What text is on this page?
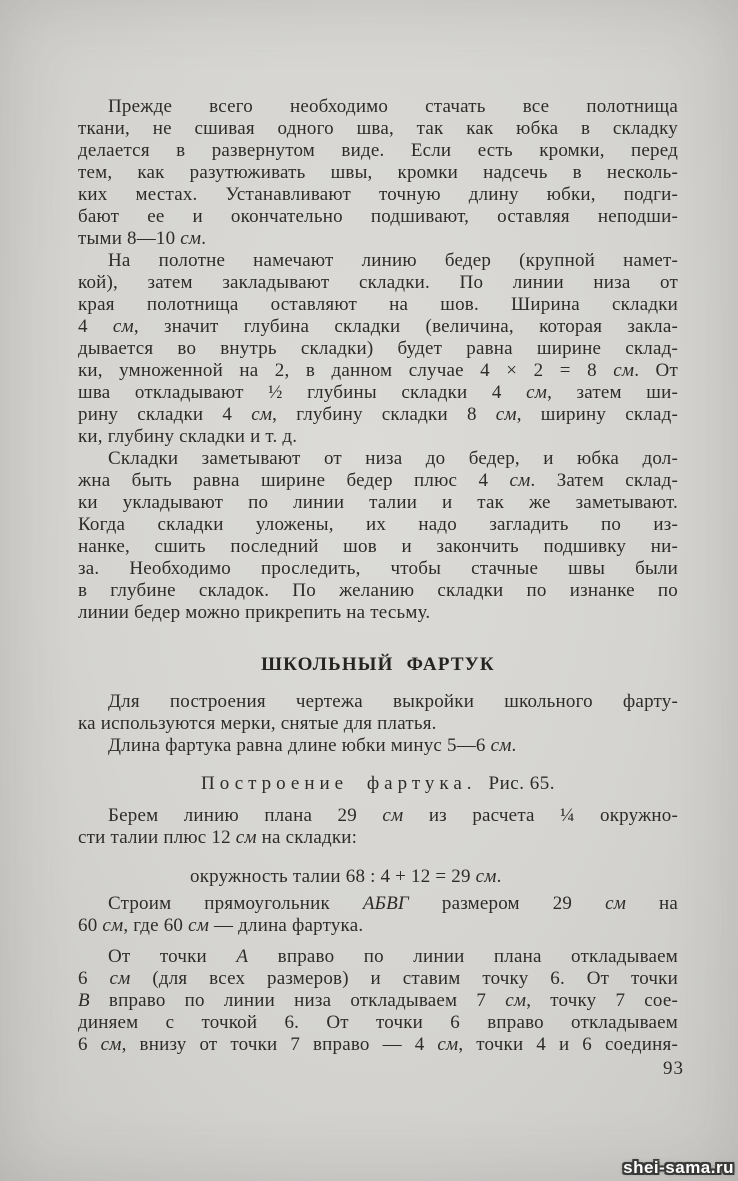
Прежде всего необходимо стачать все полотнища
ткани, не сшивая одного шва, так как юбка в складку
делается в развернутом виде. Если есть кромки, перед
тем, как разутюживать швы, кромки надсечь в несколь-
ких местах. Устанавливают точную длину юбки, подги-
бают ее и окончательно подшивают, оставляя неподши-
тыми 8—10 см.
На полотне намечают линию бедер (крупной намет-
кой), затем закладывают складки. По линии низа от
края полотнища оставляют на шов. Ширина складки
4 см, значит глубина складки (величина, которая закла-
дывается во внутрь складки) будет равна ширине склад-
ки, умноженной на 2, в данном случае 4 × 2 = 8 см. От
шва откладывают ½ глубины складки 4 см, затем ши-
рину складки 4 см, глубину складки 8 см, ширину склад-
ки, глубину складки и т. д.
Складки заметывают от низа до бедер, и юбка дол-
жна быть равна ширине бедер плюс 4 см. Затем склад-
ки укладывают по линии талии и так же заметывают.
Когда складки уложены, их надо загладить по из-
нанке, сшить последний шов и закончить подшивку ни-
за. Необходимо проследить, чтобы стачные швы были
в глубине складок. По желанию складки по изнанке по
линии бедер можно прикрепить на тесьму.
ШКОЛЬНЫЙ ФАРТУК
Для построения чертежа выкройки школьного фарту-
ка используются мерки, снятые для платья.
Длина фартука равна длине юбки минус 5—6 см.
Построение фартука. Рис. 65.
Берем линию плана 29 см из расчета ¼ окружно-
сти талии плюс 12 см на складки:
окружность талии 68 : 4 + 12 = 29 см.
Строим прямоугольник АБВГ размером 29 см на
60 см, где 60 см — длина фартука.
От точки А вправо по линии плана откладываем
6 см (для всех размеров) и ставим точку 6. От точки
В вправо по линии низа откладываем 7 см, точку 7 сое-
диняем с точкой 6. От точки 6 вправо откладываем
6 см, внизу от точки 7 вправо — 4 см, точки 4 и 6 соединя-
93
shei-sama.ru
